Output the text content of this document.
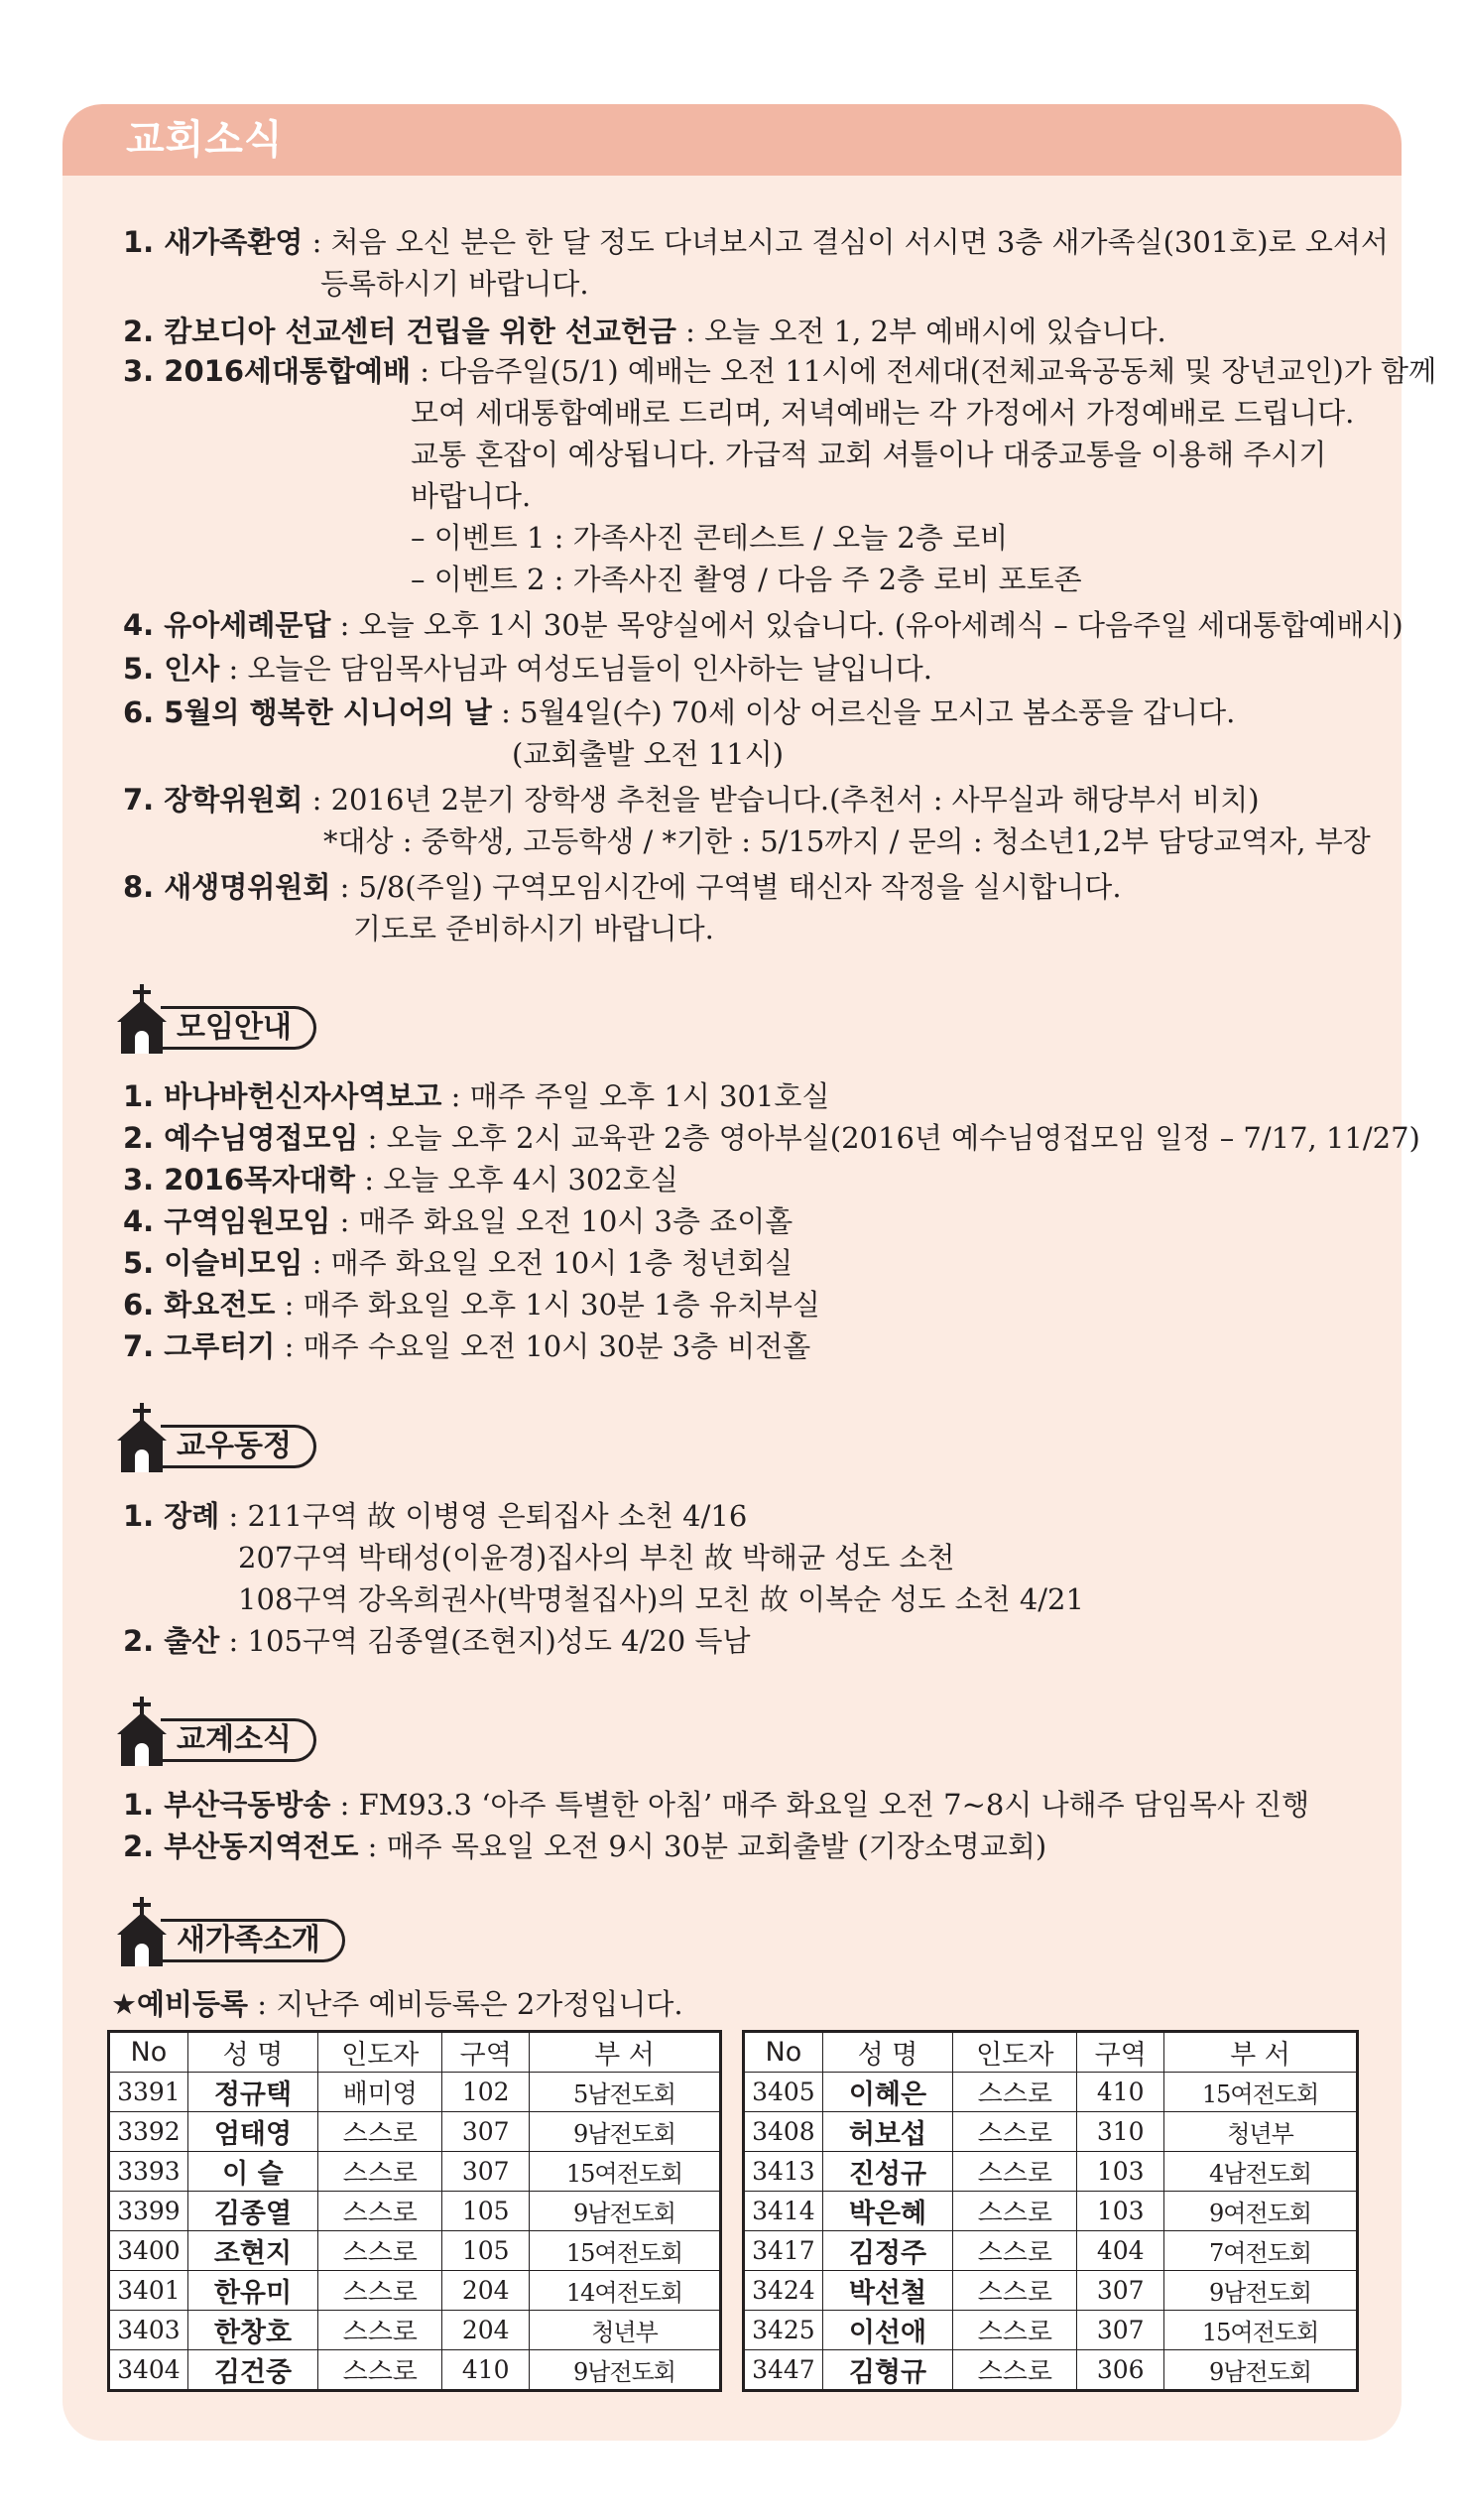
교회소식
1. 새가족환영 : 처음 오신 분은 한 달 정도 다녀보시고 결심이 서시면 3층 새가족실(301호)로 오셔서
등록하시기 바랍니다.
2. 캄보디아 선교센터 건립을 위한 선교헌금 : 오늘 오전 1, 2부 예배시에 있습니다.
3. 2016세대통합예배 : 다음주일(5/1) 예배는 오전 11시에 전세대(전체교육공동체 및 장년교인)가 함께
모여 세대통합예배로 드리며, 저녁예배는 각 가정에서 가정예배로 드립니다.
교통 혼잡이 예상됩니다. 가급적 교회 셔틀이나 대중교통을 이용해 주시기
바랍니다.
– 이벤트 1 : 가족사진 콘테스트 / 오늘 2층 로비
– 이벤트 2 : 가족사진 촬영 / 다음 주 2층 로비 포토존
4. 유아세례문답 : 오늘 오후 1시 30분 목양실에서 있습니다. (유아세례식 – 다음주일 세대통합예배시)
5. 인사 : 오늘은 담임목사님과 여성도님들이 인사하는 날입니다.
6. 5월의 행복한 시니어의 날 : 5월4일(수) 70세 이상 어르신을 모시고 봄소풍을 갑니다.
(교회출발 오전 11시)
7. 장학위원회 : 2016년 2분기 장학생 추천을 받습니다.(추천서 : 사무실과 해당부서 비치)
*대상 : 중학생, 고등학생 / *기한 : 5/15까지 / 문의 : 청소년1,2부 담당교역자, 부장
8. 새생명위원회 : 5/8(주일) 구역모임시간에 구역별 태신자 작정을 실시합니다.
기도로 준비하시기 바랍니다.
모임안내
1. 바나바헌신자사역보고 : 매주 주일 오후 1시 301호실
2. 예수님영접모임 : 오늘 오후 2시 교육관 2층 영아부실(2016년 예수님영접모임 일정 – 7/17, 11/27)
3. 2016목자대학 : 오늘 오후 4시 302호실
4. 구역임원모임 : 매주 화요일 오전 10시 3층 죠이홀
5. 이슬비모임 : 매주 화요일 오전 10시 1층 청년회실
6. 화요전도 : 매주 화요일 오후 1시 30분 1층 유치부실
7. 그루터기 : 매주 수요일 오전 10시 30분 3층 비전홀
교우동정
1. 장례 : 211구역 故 이병영 은퇴집사 소천 4/16
207구역 박태성(이윤경)집사의 부친 故 박해균 성도 소천
108구역 강옥희권사(박명철집사)의 모친 故 이복순 성도 소천 4/21
2. 출산 : 105구역 김종열(조현지)성도 4/20 득남
교계소식
1. 부산극동방송 : FM93.3 ‘아주 특별한 아침’ 매주 화요일 오전 7~8시 나해주 담임목사 진행
2. 부산동지역전도 : 매주 목요일 오전 9시 30분 교회출발 (기장소명교회)
새가족소개
★예비등록 : 지난주 예비등록은 2가정입니다.
No	성 명	인도자	구역	부 서
3391	정규택	배미영	102	5남전도회
3392	엄태영	스스로	307	9남전도회
3393	이 슬	스스로	307	15여전도회
3399	김종열	스스로	105	9남전도회
3400	조현지	스스로	105	15여전도회
3401	한유미	스스로	204	14여전도회
3403	한창호	스스로	204	청년부
3404	김건중	스스로	410	9남전도회
No	성 명	인도자	구역	부 서
3405	이혜은	스스로	410	15여전도회
3408	허보섭	스스로	310	청년부
3413	진성규	스스로	103	4남전도회
3414	박은혜	스스로	103	9여전도회
3417	김정주	스스로	404	7여전도회
3424	박선철	스스로	307	9남전도회
3425	이선애	스스로	307	15여전도회
3447	김형규	스스로	306	9남전도회
